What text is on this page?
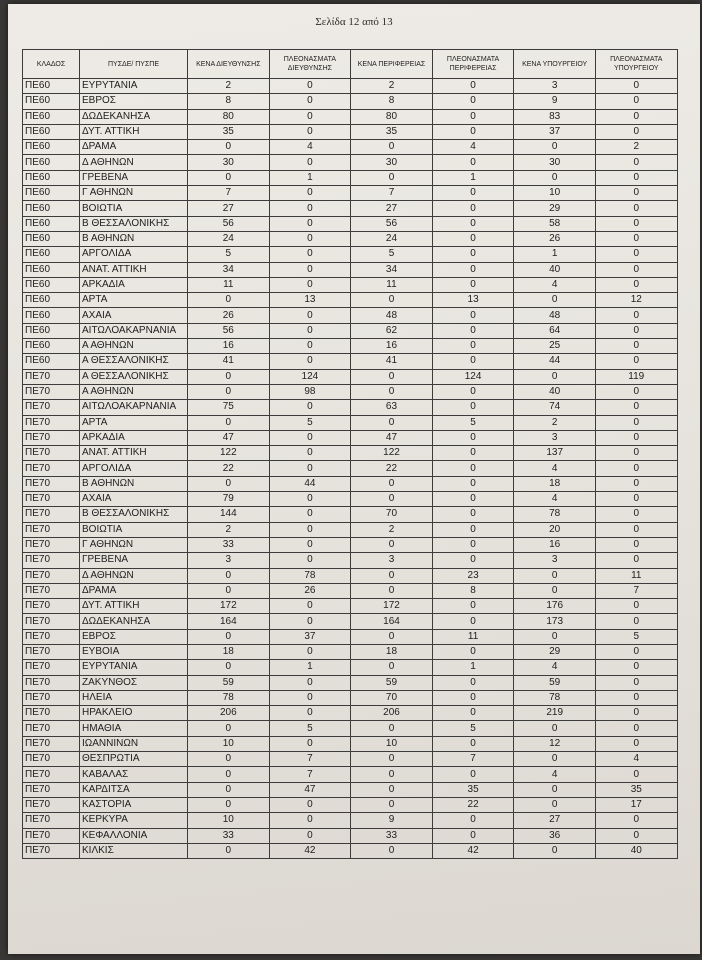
Σελίδα 12 από 13
ΚΛΑΔΟΣ	ΠΥΣΔΕ/ ΠΥΣΠΕ	ΚΕΝΑ ΔΙΕΥΘΥΝΣΗΣ	ΠΛΕΟΝΑΣΜΑΤΑ ΔΙΕΥΘΥΝΣΗΣ	ΚΕΝΑ ΠΕΡΙΦΕΡΕΙΑΣ	ΠΛΕΟΝΑΣΜΑΤΑ ΠΕΡΙΦΕΡΕΙΑΣ	ΚΕΝΑ ΥΠΟΥΡΓΕΙΟΥ	ΠΛΕΟΝΑΣΜΑΤΑ ΥΠΟΥΡΓΕΙΟΥ
ΠΕ60	ΕΥΡΥΤΑΝΙΑ	2	0	2	0	3	0
ΠΕ60	ΕΒΡΟΣ	8	0	8	0	9	0
ΠΕ60	ΔΩΔΕΚΑΝΗΣΑ	80	0	80	0	83	0
ΠΕ60	ΔΥΤ. ΑΤΤΙΚΗ	35	0	35	0	37	0
ΠΕ60	ΔΡΑΜΑ	0	4	0	4	0	2
ΠΕ60	Δ ΑΘΗΝΩΝ	30	0	30	0	30	0
ΠΕ60	ΓΡΕΒΕΝΑ	0	1	0	1	0	0
ΠΕ60	Γ ΑΘΗΝΩΝ	7	0	7	0	10	0
ΠΕ60	ΒΟΙΩΤΙΑ	27	0	27	0	29	0
ΠΕ60	Β ΘΕΣΣΑΛΟΝΙΚΗΣ	56	0	56	0	58	0
ΠΕ60	Β ΑΘΗΝΩΝ	24	0	24	0	26	0
ΠΕ60	ΑΡΓΟΛΙΔΑ	5	0	5	0	1	0
ΠΕ60	ΑΝΑΤ. ΑΤΤΙΚΗ	34	0	34	0	40	0
ΠΕ60	ΑΡΚΑΔΙΑ	11	0	11	0	4	0
ΠΕ60	ΑΡΤΑ	0	13	0	13	0	12
ΠΕ60	ΑΧΑΙΑ	26	0	48	0	48	0
ΠΕ60	ΑΙΤΩΛΟΑΚΑΡΝΑΝΙΑ	56	0	62	0	64	0
ΠΕ60	Α ΑΘΗΝΩΝ	16	0	16	0	25	0
ΠΕ60	Α ΘΕΣΣΑΛΟΝΙΚΗΣ	41	0	41	0	44	0
ΠΕ70	Α ΘΕΣΣΑΛΟΝΙΚΗΣ	0	124	0	124	0	119
ΠΕ70	Α ΑΘΗΝΩΝ	0	98	0	0	40	0
ΠΕ70	ΑΙΤΩΛΟΑΚΑΡΝΑΝΙΑ	75	0	63	0	74	0
ΠΕ70	ΑΡΤΑ	0	5	0	5	2	0
ΠΕ70	ΑΡΚΑΔΙΑ	47	0	47	0	3	0
ΠΕ70	ΑΝΑΤ. ΑΤΤΙΚΗ	122	0	122	0	137	0
ΠΕ70	ΑΡΓΟΛΙΔΑ	22	0	22	0	4	0
ΠΕ70	Β ΑΘΗΝΩΝ	0	44	0	0	18	0
ΠΕ70	ΑΧΑΙΑ	79	0	0	0	4	0
ΠΕ70	Β ΘΕΣΣΑΛΟΝΙΚΗΣ	144	0	70	0	78	0
ΠΕ70	ΒΟΙΩΤΙΑ	2	0	2	0	20	0
ΠΕ70	Γ ΑΘΗΝΩΝ	33	0	0	0	16	0
ΠΕ70	ΓΡΕΒΕΝΑ	3	0	3	0	3	0
ΠΕ70	Δ ΑΘΗΝΩΝ	0	78	0	23	0	11
ΠΕ70	ΔΡΑΜΑ	0	26	0	8	0	7
ΠΕ70	ΔΥΤ. ΑΤΤΙΚΗ	172	0	172	0	176	0
ΠΕ70	ΔΩΔΕΚΑΝΗΣΑ	164	0	164	0	173	0
ΠΕ70	ΕΒΡΟΣ	0	37	0	11	0	5
ΠΕ70	ΕΥΒΟΙΑ	18	0	18	0	29	0
ΠΕ70	ΕΥΡΥΤΑΝΙΑ	0	1	0	1	4	0
ΠΕ70	ΖΑΚΥΝΘΟΣ	59	0	59	0	59	0
ΠΕ70	ΗΛΕΙΑ	78	0	70	0	78	0
ΠΕ70	ΗΡΑΚΛΕΙΟ	206	0	206	0	219	0
ΠΕ70	ΗΜΑΘΙΑ	0	5	0	5	0	0
ΠΕ70	ΙΩΑΝΝΙΝΩΝ	10	0	10	0	12	0
ΠΕ70	ΘΕΣΠΡΩΤΙΑ	0	7	0	7	0	4
ΠΕ70	ΚΑΒΑΛΑΣ	0	7	0	0	4	0
ΠΕ70	ΚΑΡΔΙΤΣΑ	0	47	0	35	0	35
ΠΕ70	ΚΑΣΤΟΡΙΑ	0	0	0	22	0	17
ΠΕ70	ΚΕΡΚΥΡΑ	10	0	9	0	27	0
ΠΕ70	ΚΕΦΑΛΛΟΝΙΑ	33	0	33	0	36	0
ΠΕ70	ΚΙΛΚΙΣ	0	42	0	42	0	40
